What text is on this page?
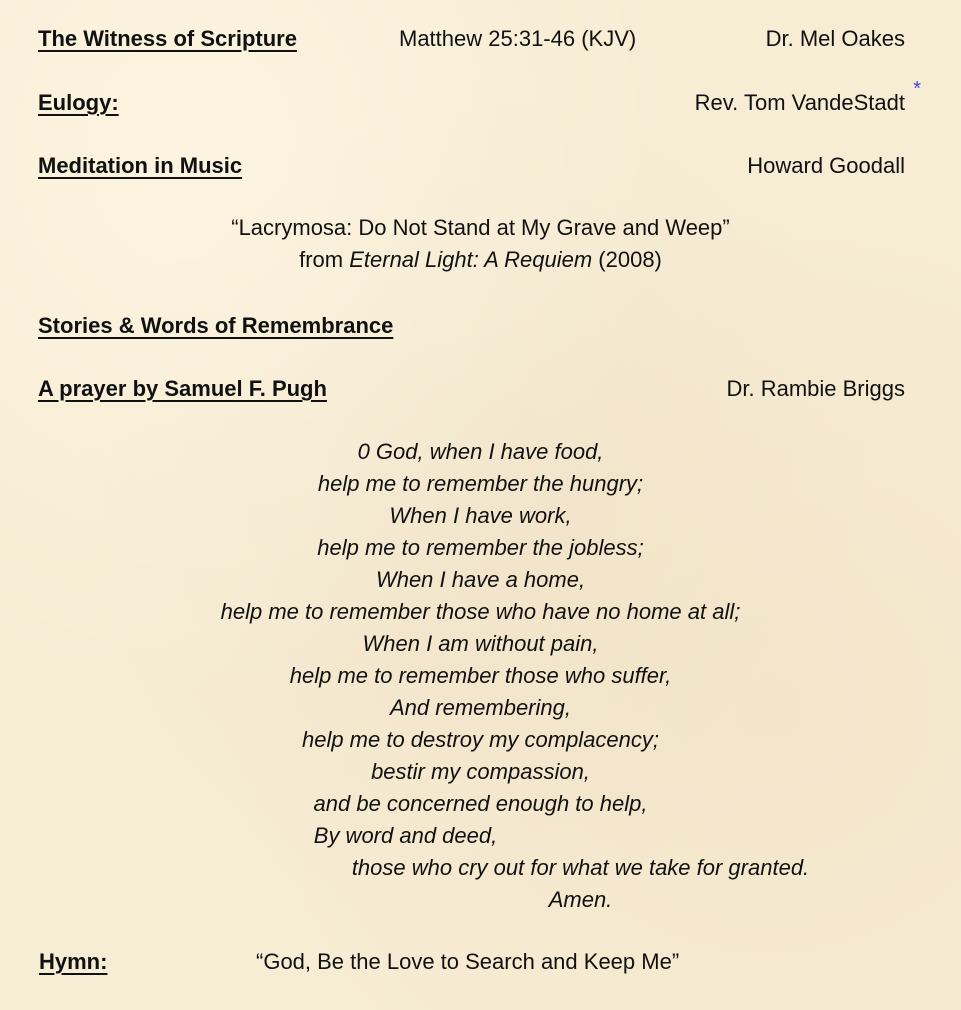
The Witness of Scripture	Matthew 25:31-46 (KJV)	Dr. Mel Oakes
Eulogy:	Rev. Tom VandeStadt
*
Meditation in Music	Howard Goodall
“Lacrymosa: Do Not Stand at My Grave and Weep”
from Eternal Light: A Requiem (2008)
Stories & Words of Remembrance
A prayer by Samuel F. Pugh	Dr. Rambie Briggs
0 God, when I have food,
help me to remember the hungry;
When I have work,
help me to remember the jobless;
When I have a home,
help me to remember those who have no home at all;
When I am without pain,
help me to remember those who suffer,
And remembering,
help me to destroy my complacency;
bestir my compassion,
and be concerned enough to help,
By word and deed,
those who cry out for what we take for granted.
Amen.
Hymn:	“God, Be the Love to Search and Keep Me”
